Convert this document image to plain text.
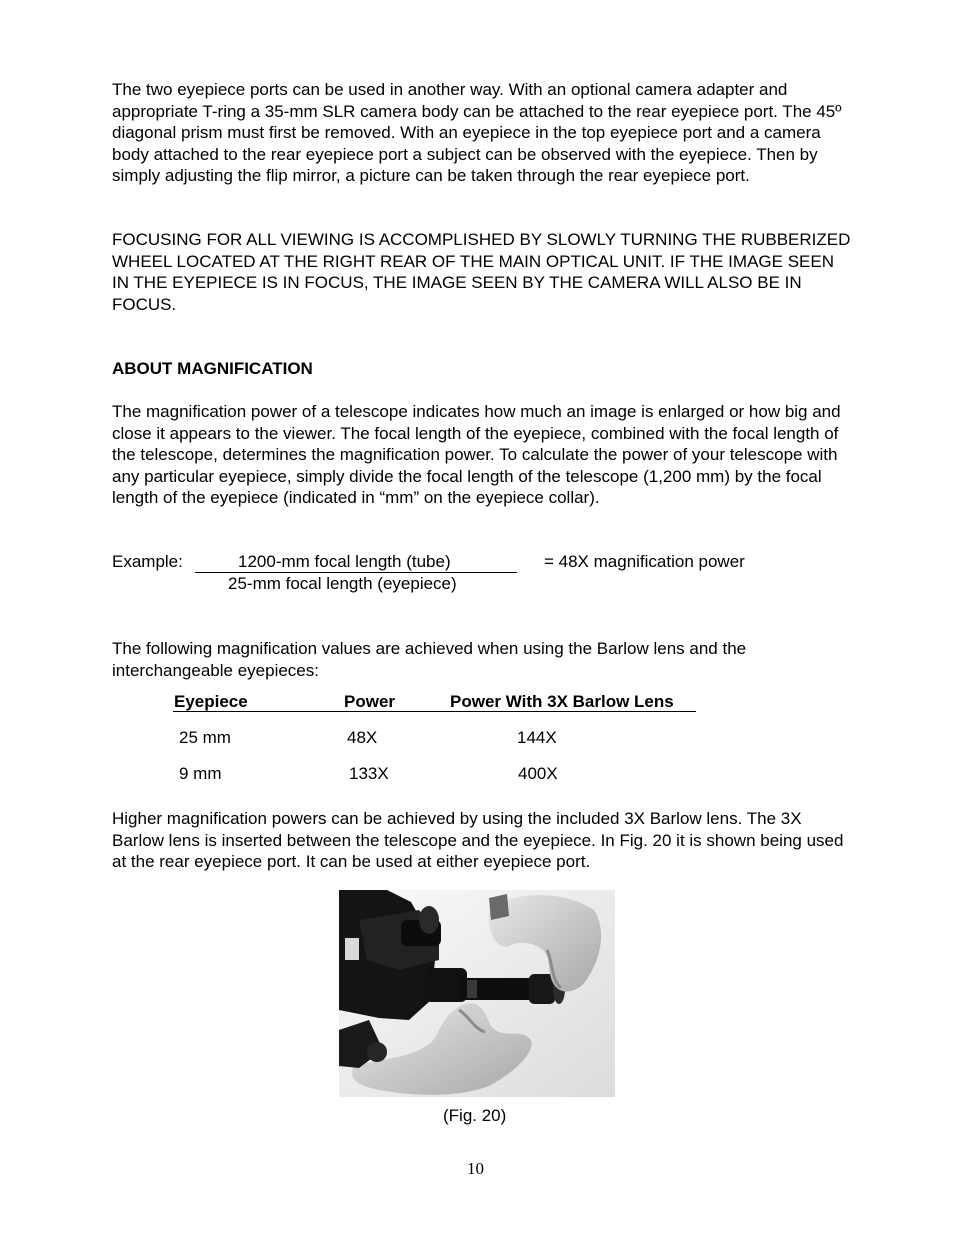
The two eyepiece ports can be used in another way. With an optional camera adapter and appropriate T-ring a 35-mm SLR camera body can be attached to the rear eyepiece port. The 45º diagonal prism must first be removed. With an eyepiece in the top eyepiece port and a camera body attached to the rear eyepiece port a subject can be observed with the eyepiece. Then by simply adjusting the flip mirror, a picture can be taken through the rear eyepiece port.

FOCUSING FOR ALL VIEWING IS ACCOMPLISHED BY SLOWLY TURNING THE RUBBERIZED WHEEL LOCATED AT THE RIGHT REAR OF THE MAIN OPTICAL UNIT. IF THE IMAGE SEEN IN THE EYEPIECE IS IN FOCUS, THE IMAGE SEEN BY THE CAMERA WILL ALSO BE IN FOCUS.

ABOUT MAGNIFICATION

The magnification power of a telescope indicates how much an image is enlarged or how big and close it appears to the viewer. The focal length of the eyepiece, combined with the focal length of the telescope, determines the magnification power. To calculate the power of your telescope with any particular eyepiece, simply divide the focal length of the telescope (1,200 mm) by the focal length of the eyepiece (indicated in “mm” on the eyepiece collar).

Example:	1200-mm focal length (tube)	= 48X magnification power
25-mm focal length (eyepiece)

The following magnification values are achieved when using the Barlow lens and the interchangeable eyepieces:

Eyepiece	Power	Power With 3X Barlow Lens
25 mm	48X	144X
9 mm	133X	400X

Higher magnification powers can be achieved by using the included 3X Barlow lens. The 3X Barlow lens is inserted between the telescope and the eyepiece. In Fig. 20 it is shown being used at the rear eyepiece port. It can be used at either eyepiece port.

(Fig. 20)
10
